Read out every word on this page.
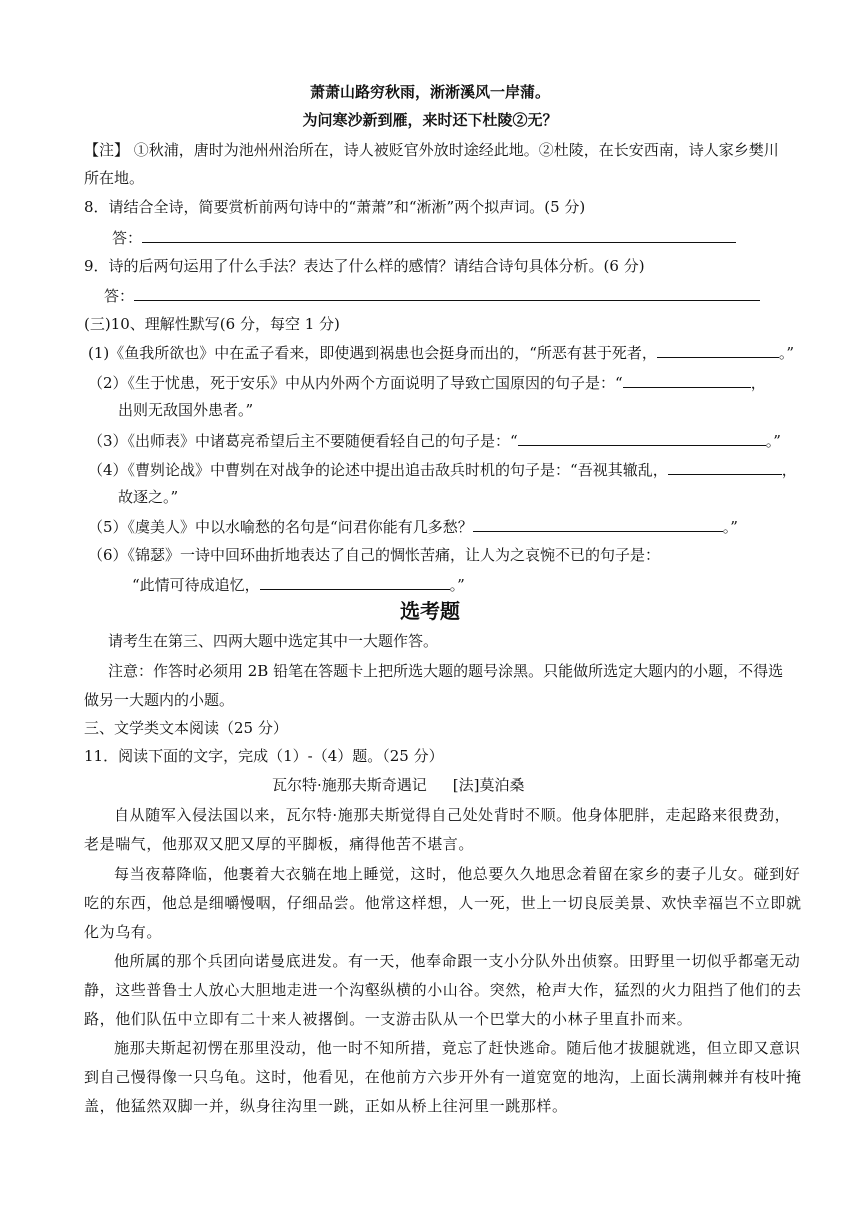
萧萧山路穷秋雨，淅淅溪风一岸蒲。
为问寒沙新到雁，来时还下杜陵②无？
【注】 ①秋浦，唐时为池州州治所在，诗人被贬官外放时途经此地。②杜陵，在长安西南，诗人家乡樊川
所在地。
8．请结合全诗，简要赏析前两句诗中的“萧萧”和“淅淅”两个拟声词。(5 分)
答：
9．诗的后两句运用了什么手法？表达了什么样的感情？请结合诗句具体分析。(6 分)
答：
(三)10、理解性默写(6 分，每空 1 分)
(1)《鱼我所欲也》中在孟子看来，即使遇到祸患也会挺身而出的，“所恶有甚于死者，	。”
（2）《生于忧患，死于安乐》中从内外两个方面说明了导致亡国原因的句子是：“	，
出则无敌国外患者。”
（3）《出师表》中诸葛亮希望后主不要随便看轻自己的句子是：“	。”
（4）《曹刿论战》中曹刿在对战争的论述中提出追击敌兵时机的句子是：“吾视其辙乱，	，
故逐之。”
（5）《虞美人》中以水喻愁的名句是“问君你能有几多愁？	。”
（6）《锦瑟》一诗中回环曲折地表达了自己的惆怅苦痛，让人为之哀惋不已的句子是：
“此情可待成追忆，	。”
选考题
请考生在第三、四两大题中选定其中一大题作答。
注意：作答时必须用 2B 铅笔在答题卡上把所选大题的题号涂黑。只能做所选定大题内的小题，不得选
做另一大题内的小题。
三、文学类文本阅读（25 分）
11．阅读下面的文字，完成（1）-（4）题。（25 分）
瓦尔特·施那夫斯奇遇记 [法]莫泊桑
自从随军入侵法国以来，瓦尔特·施那夫斯觉得自己处处背时不顺。他身体肥胖，走起路来很费劲，
老是喘气，他那双又肥又厚的平脚板，痛得他苦不堪言。
每当夜幕降临，他裹着大衣躺在地上睡觉，这时，他总要久久地思念着留在家乡的妻子儿女。碰到好
吃的东西，他总是细嚼慢咽，仔细品尝。他常这样想，人一死，世上一切良辰美景、欢快幸福岂不立即就
化为乌有。
他所属的那个兵团向诺曼底进发。有一天，他奉命跟一支小分队外出侦察。田野里一切似乎都毫无动
静，这些普鲁士人放心大胆地走进一个沟壑纵横的小山谷。突然，枪声大作，猛烈的火力阻挡了他们的去
路，他们队伍中立即有二十来人被撂倒。一支游击队从一个巴掌大的小林子里直扑而来。
施那夫斯起初愣在那里没动，他一时不知所措，竟忘了赶快逃命。随后他才拔腿就逃，但立即又意识
到自己慢得像一只乌龟。这时，他看见，在他前方六步开外有一道宽宽的地沟，上面长满荆棘并有枝叶掩
盖，他猛然双脚一并，纵身往沟里一跳，正如从桥上往河里一跳那样。
